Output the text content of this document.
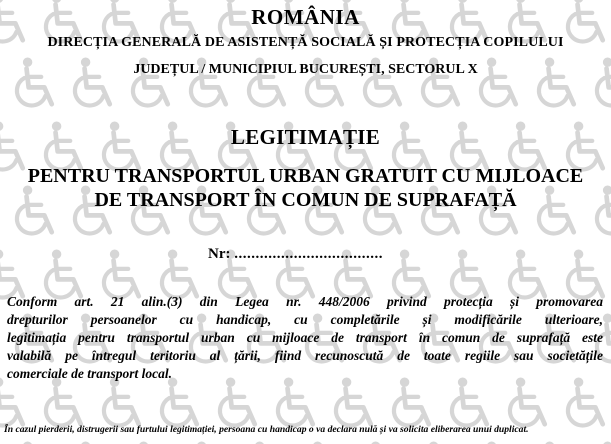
ROMÂNIA
DIRECȚIA GENERALĂ DE ASISTENȚĂ SOCIALĂ ȘI PROTECȚIA COPILULUI
JUDEȚUL / MUNICIPIUL BUCUREȘTI, SECTORUL X
LEGITIMAȚIE
PENTRU TRANSPORTUL URBAN GRATUIT CU MIJLOACE
DE TRANSPORT ÎN COMUN DE SUPRAFAȚĂ
Nr: ...................................
Conform art. 21 alin.(3) din Legea nr. 448/2006 privind protecția și promovarea
drepturilor persoanelor cu handicap, cu completările și modificările ulterioare,
legitimația pentru transportul urban cu mijloace de transport în comun de suprafață este
valabilă pe întregul teritoriu al țării, fiind recunoscută de toate regiile sau societățile
comerciale de transport local.
În cazul pierderii, distrugerii sau furtului legitimației, persoana cu handicap o va declara nulă și va solicita eliberarea unui duplicat.
